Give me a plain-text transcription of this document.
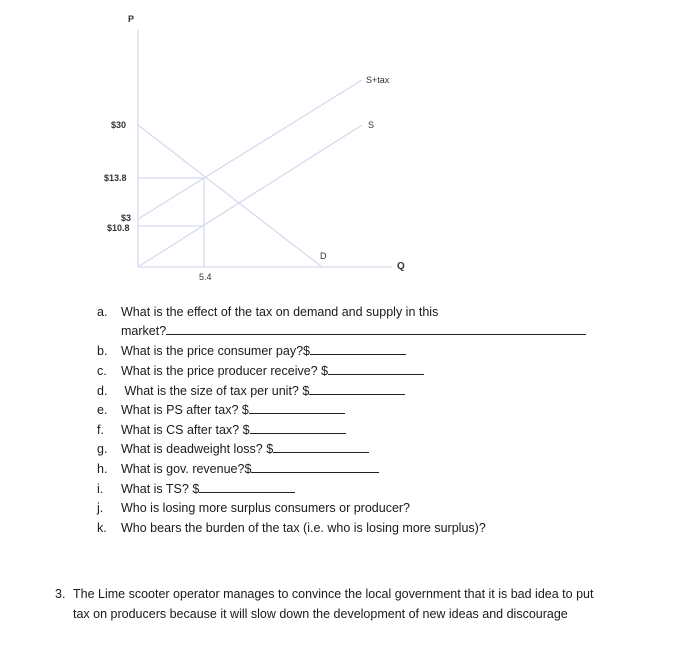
P
Q
$30
$13.8
$3
$10.8
5.4
S+tax
S
D
a. What is the effect of the tax on demand and supply in this
market?
b. What is the price consumer pay?$
c. What is the price producer receive? $
d. What is the size of tax per unit? $
e. What is PS after tax? $
f. What is CS after tax? $
g. What is deadweight loss? $
h. What is gov. revenue?$
i. What is TS? $
j. Who is losing more surplus consumers or producer?
k. Who bears the burden of the tax (i.e. who is losing more surplus)?
3. The Lime scooter operator manages to convince the local government that it is bad idea to put
tax on producers because it will slow down the development of new ideas and discourage
